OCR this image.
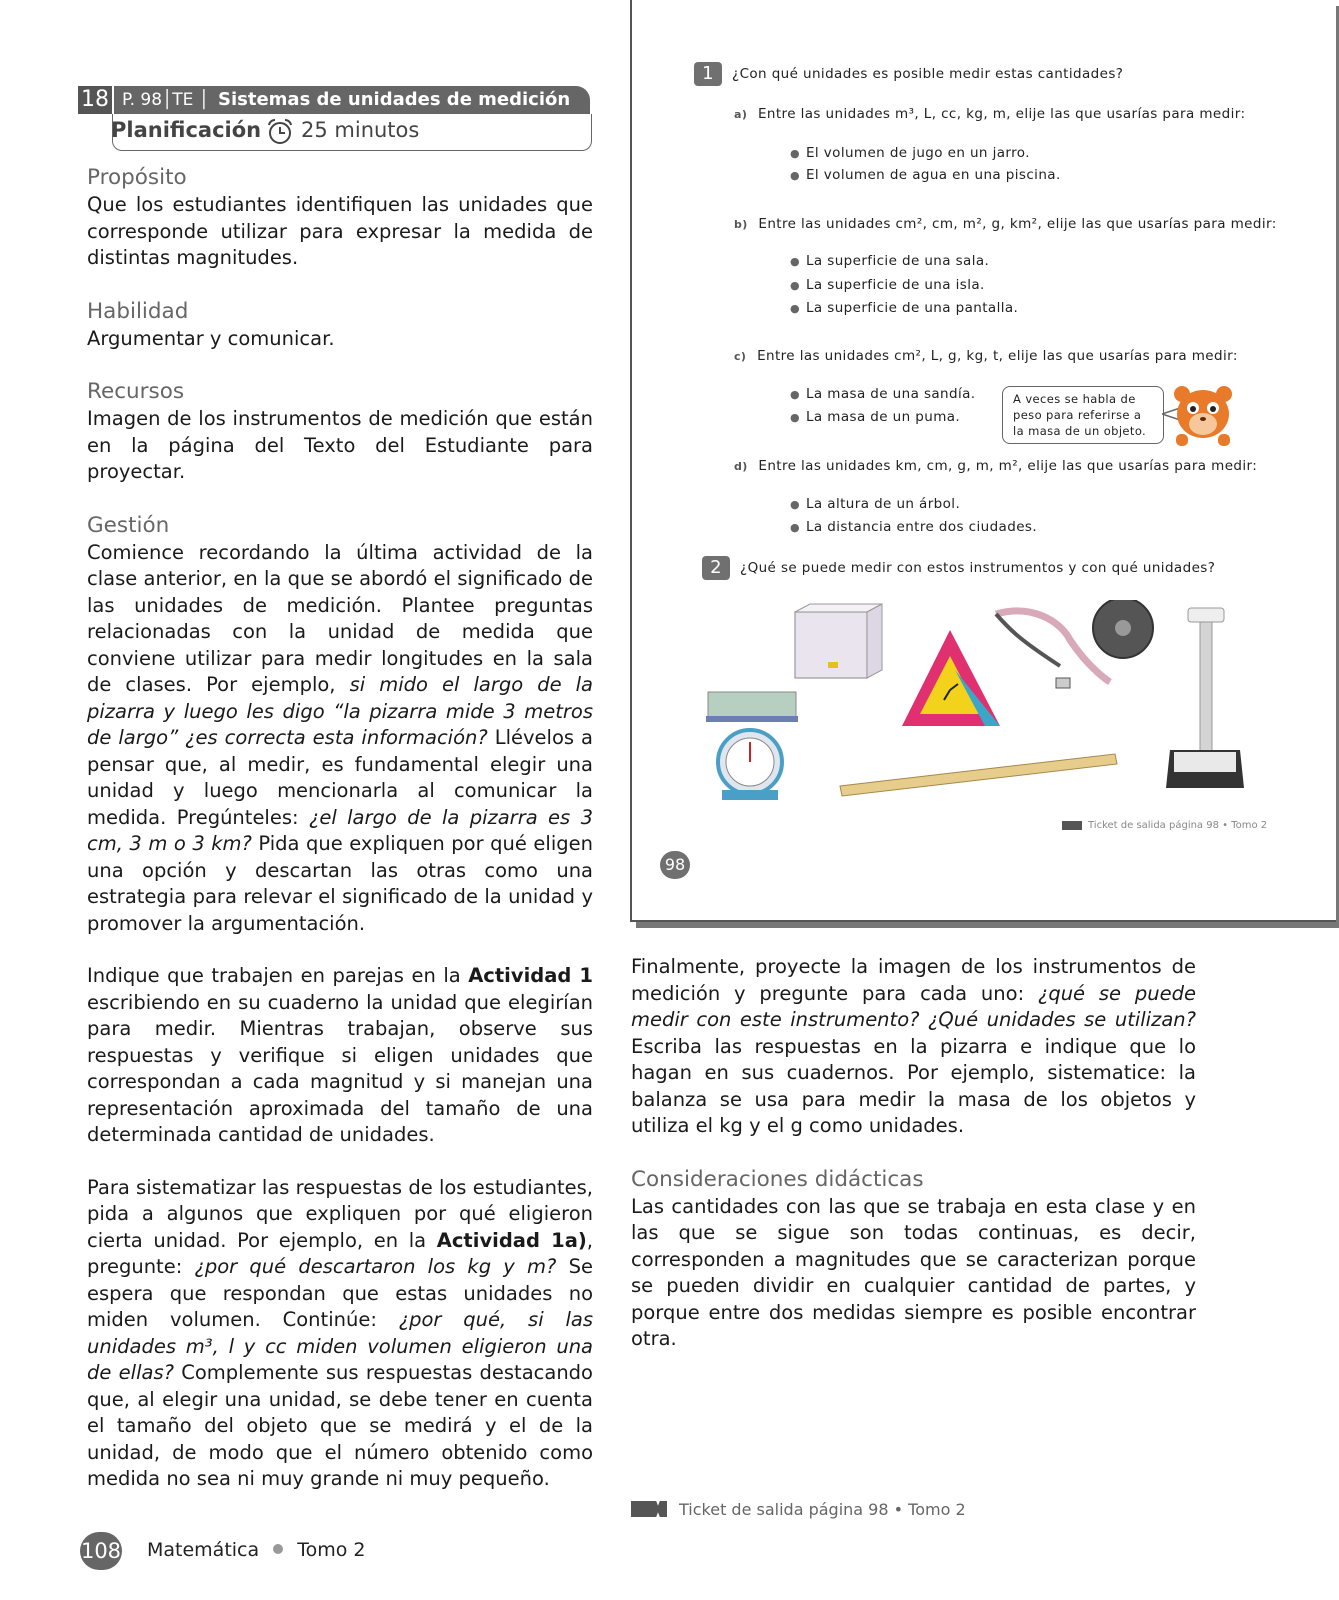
18 P. 98│TE │ Sistemas de unidades de medición
Planificación 25 minutos

Propósito

Que los estudiantes identifiquen las unidades que corresponde utilizar para expresar la medida de distintas magnitudes.

Habilidad

Argumentar y comunicar.

Recursos

Imagen de los instrumentos de medición que están en la página del Texto del Estudiante para proyectar.

Gestión

Comience recordando la última actividad de la clase anterior, en la que se abordó el significado de las unidades de medición. Plantee preguntas relacionadas con la unidad de medida que conviene utilizar para medir longitudes en la sala de clases. Por ejemplo, si mido el largo de la pizarra y luego les digo “la pizarra mide 3 metros de largo” ¿es correcta esta información? Llévelos a pensar que, al medir, es fundamental elegir una unidad y luego mencionarla al comunicar la medida. Pregúnteles: ¿el largo de la pizarra es 3 cm, 3 m o 3 km? Pida que expliquen por qué eligen una opción y descartan las otras como una estrategia para relevar el significado de la unidad y promover la argumentación.

Indique que trabajen en parejas en la Actividad 1 escribiendo en su cuaderno la unidad que elegirían para medir. Mientras trabajan, observe sus respuestas y verifique si eligen unidades que correspondan a cada magnitud y si manejan una representación aproximada del tamaño de una determinada cantidad de unidades.

Para sistematizar las respuestas de los estudiantes, pida a algunos que expliquen por qué eligieron cierta unidad. Por ejemplo, en la Actividad 1a), pregunte: ¿por qué descartaron los kg y m? Se espera que respondan que estas unidades no miden volumen. Continúe: ¿por qué, si las unidades m³, l y cc miden volumen eligieron una de ellas? Complemente sus respuestas destacando que, al elegir una unidad, se debe tener en cuenta el tamaño del objeto que se medirá y el de la unidad, de modo que el número obtenido como medida no sea ni muy grande ni muy pequeño.

1	¿Con qué unidades es posible medir estas cantidades?
a) Entre las unidades m³, L, cc, kg, m, elije las que usarías para medir:
● El volumen de jugo en un jarro.
● El volumen de agua en una piscina.
b) Entre las unidades cm², cm, m², g, km², elije las que usarías para medir:
● La superficie de una sala.
● La superficie de una isla.
● La superficie de una pantalla.
c) Entre las unidades cm², L, g, kg, t, elije las que usarías para medir:
● La masa de una sandía.
● La masa de un puma.
A veces se habla de peso para referirse a la masa de un objeto.
d) Entre las unidades km, cm, g, m, m², elije las que usarías para medir:
● La altura de un árbol.
● La distancia entre dos ciudades.
2	¿Qué se puede medir con estos instrumentos y con qué unidades?
Ticket de salida página 98 • Tomo 2
98

Finalmente, proyecte la imagen de los instrumentos de medición y pregunte para cada uno: ¿qué se puede medir con este instrumento? ¿Qué unidades se utilizan? Escriba las respuestas en la pizarra e indique que lo hagan en sus cuadernos. Por ejemplo, sistematice: la balanza se usa para medir la masa de los objetos y utiliza el kg y el g como unidades.

Consideraciones didácticas

Las cantidades con las que se trabaja en esta clase y en las que se sigue son todas continuas, es decir, corresponden a magnitudes que se caracterizan porque se pueden dividir en cualquier cantidad de partes, y porque entre dos medidas siempre es posible encontrar otra.

Ticket de salida página 98 • Tomo 2
108 Matemática Tomo 2
